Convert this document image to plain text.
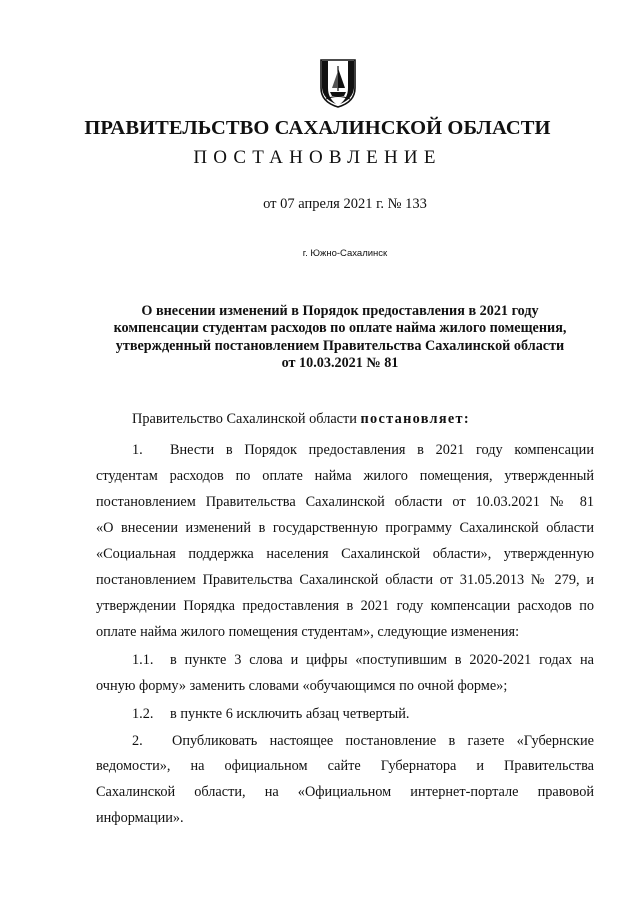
ПРАВИТЕЛЬСТВО САХАЛИНСКОЙ ОБЛАСТИ
ПОСТАНОВЛЕНИЕ
от 07 апреля 2021 г. № 133
г. Южно-Сахалинск
О внесении изменений в Порядок предоставления в 2021 году
компенсации студентам расходов по оплате найма жилого помещения,
утвержденный постановлением Правительства Сахалинской области
от 10.03.2021 № 81
Правительство Сахалинской области постановляет:
1. Внести в Порядок предоставления в 2021 году компенсации
студентам расходов по оплате найма жилого помещения, утвержденный
постановлением Правительства Сахалинской области от 10.03.2021 № 81
«О внесении изменений в государственную программу Сахалинской области
«Социальная поддержка населения Сахалинской области», утвержденную
постановлением Правительства Сахалинской области от 31.05.2013 № 279, и
утверждении Порядка предоставления в 2021 году компенсации расходов по
оплате найма жилого помещения студентам», следующие изменения:
1.1. в пункте 3 слова и цифры «поступившим в 2020-2021 годах на
очную форму» заменить словами «обучающимся по очной форме»;
1.2. в пункте 6 исключить абзац четвертый.
2. Опубликовать настоящее постановление в газете «Губернские
ведомости», на официальном сайте Губернатора и Правительства
Сахалинской области, на «Официальном интернет-портале правовой
информации».
